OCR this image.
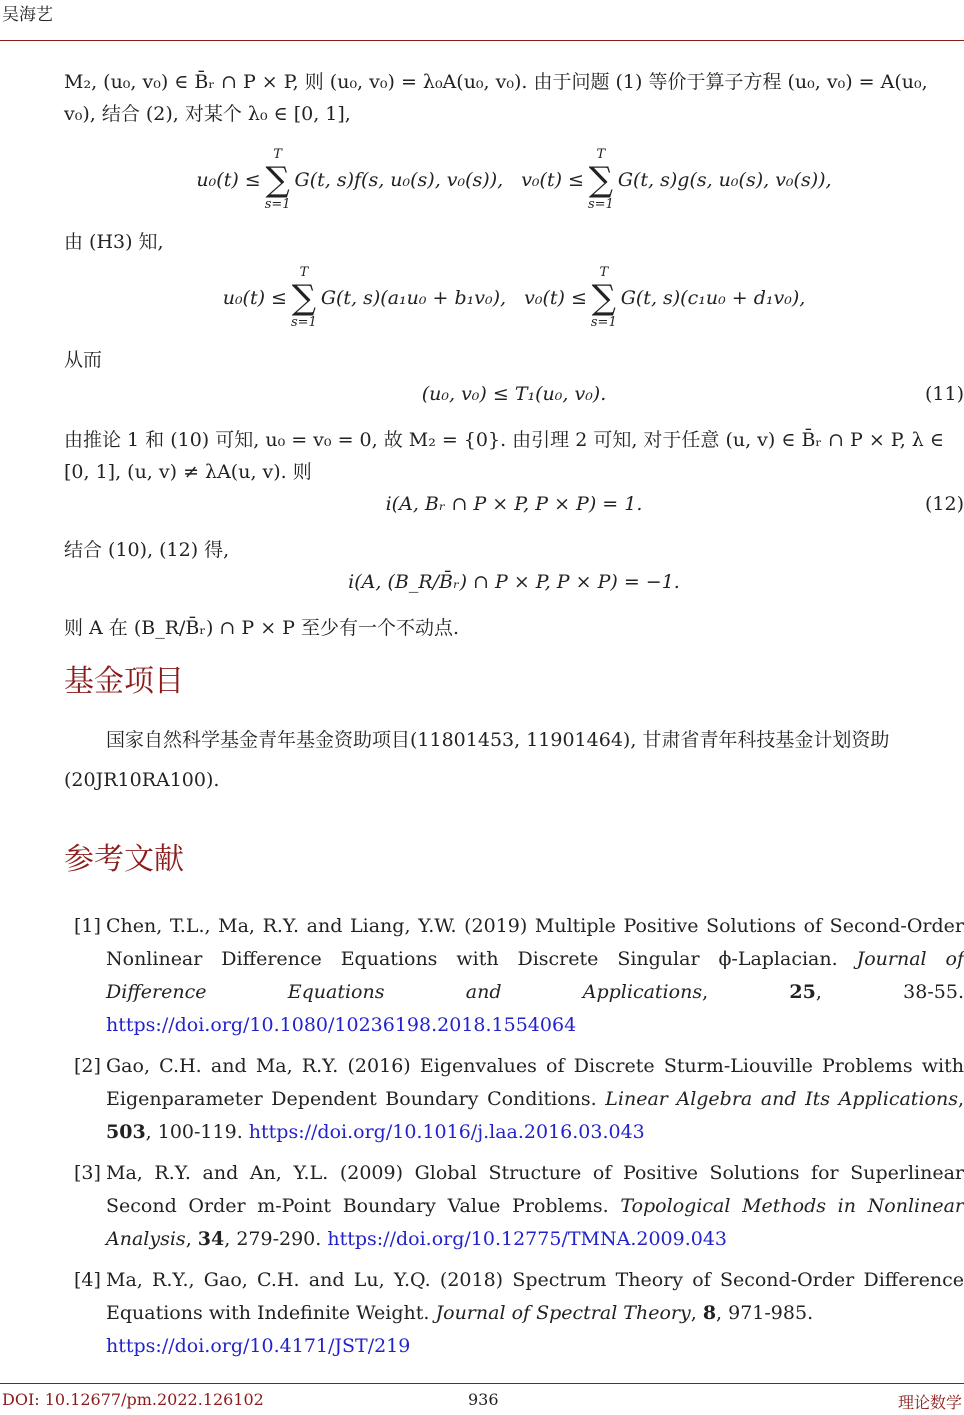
吴海艺

M₂, (u₀, v₀) ∈ B̄ᵣ ∩ P × P, 则 (u₀, v₀) = λ₀A(u₀, v₀). 由于问题 (1) 等价于算子方程 (u₀, v₀) = A(u₀, v₀), 结合 (2), 对某个 λ₀ ∈ [0, 1],

u₀(t) ≤
T
∑
s=1
G(t, s)f(s, u₀(s), v₀(s)), v₀(t) ≤
T
∑
s=1
G(t, s)g(s, u₀(s), v₀(s)),

由 (H3) 知,

u₀(t) ≤
T
∑
s=1
G(t, s)(a₁u₀ + b₁v₀), v₀(t) ≤
T
∑
s=1
G(t, s)(c₁u₀ + d₁v₀),

从而

(u₀, v₀) ≤ T₁(u₀, v₀).	(11)

由推论 1 和 (10) 可知, u₀ = v₀ = 0, 故 M₂ = {0}. 由引理 2 可知, 对于任意 (u, v) ∈ B̄ᵣ ∩ P × P, λ ∈ [0, 1], (u, v) ≠ λA(u, v). 则

i(A, Bᵣ ∩ P × P, P × P) = 1.	(12)

结合 (10), (12) 得,

i(A, (B_R/B̄ᵣ) ∩ P × P, P × P) = −1.

则 A 在 (B_R/B̄ᵣ) ∩ P × P 至少有一个不动点.

基金项目

国家自然科学基金青年基金资助项目(11801453, 11901464), 甘肃省青年科技基金计划资助(20JR10RA100).

参考文献
[1] Chen, T.L., Ma, R.Y. and Liang, Y.W. (2019) Multiple Positive Solutions of Second-Order Nonlinear Difference Equations with Discrete Singular ϕ-Laplacian. Journal of Difference Equations and Applications, 25, 38-55. https://doi.org/10.1080/10236198.2018.1554064
[2] Gao, C.H. and Ma, R.Y. (2016) Eigenvalues of Discrete Sturm-Liouville Problems with Eigenparameter Dependent Boundary Conditions. Linear Algebra and Its Applications, 503, 100-119. https://doi.org/10.1016/j.laa.2016.03.043
[3] Ma, R.Y. and An, Y.L. (2009) Global Structure of Positive Solutions for Superlinear Second Order m-Point Boundary Value Problems. Topological Methods in Nonlinear Analysis, 34, 279-290. https://doi.org/10.12775/TMNA.2009.043
[4] Ma, R.Y., Gao, C.H. and Lu, Y.Q. (2018) Spectrum Theory of Second-Order Difference Equations with Indefinite Weight. Journal of Spectral Theory, 8, 971-985.
https://doi.org/10.4171/JST/219
DOI: 10.12677/pm.2022.126102	936	理论数学
